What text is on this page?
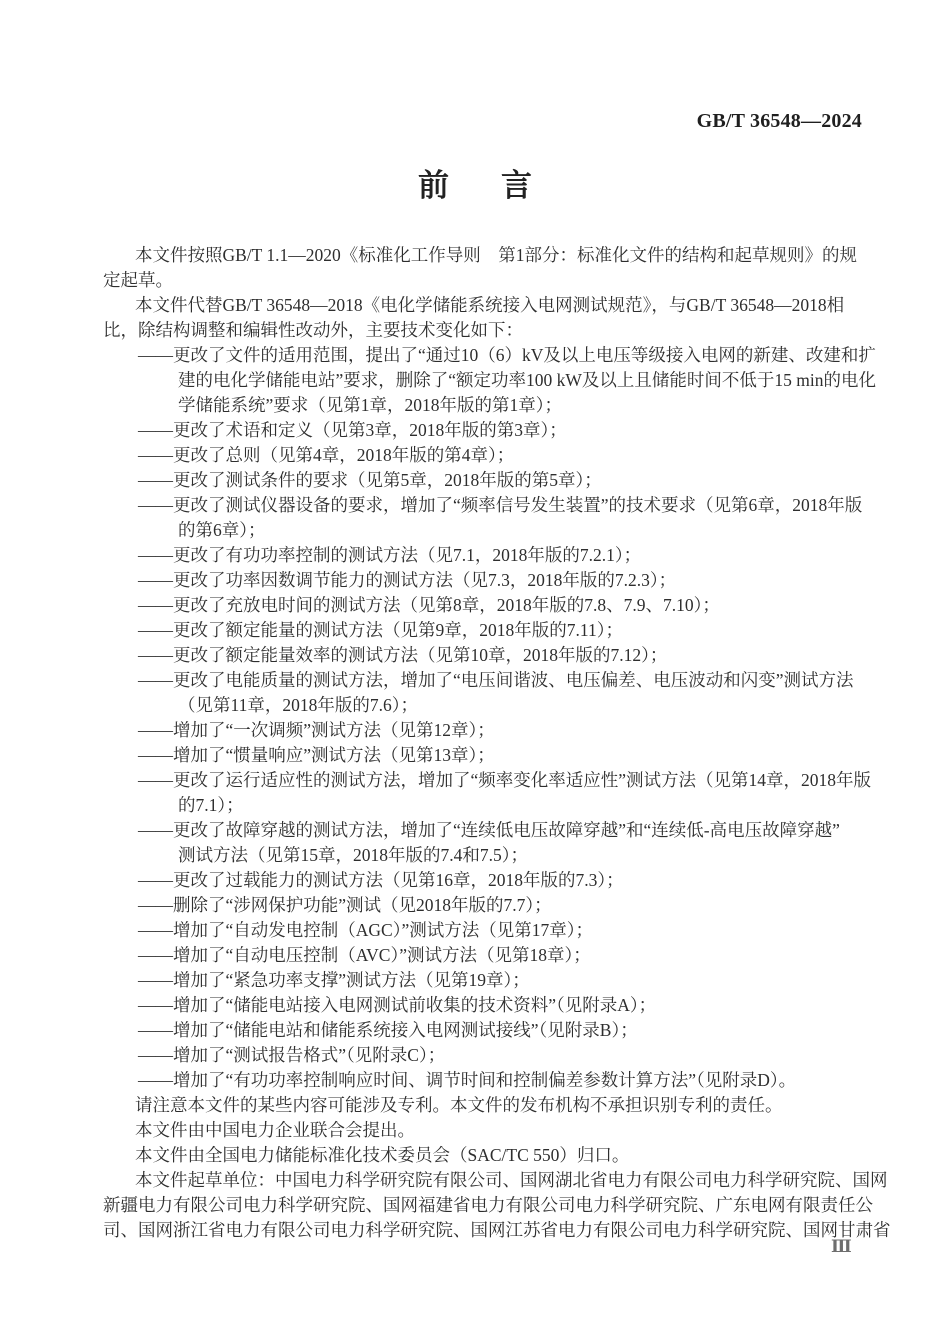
GB/T 36548—2024
前言
本文件按照GB/T 1.1—2020《标准化工作导则　第1部分：标准化文件的结构和起草规则》的规
定起草。
本文件代替GB/T 36548—2018《电化学储能系统接入电网测试规范》，与GB/T 36548—2018相
比，除结构调整和编辑性改动外，主要技术变化如下：
——更改了文件的适用范围，提出了“通过10（6）kV及以上电压等级接入电网的新建、改建和扩
建的电化学储能电站”要求，删除了“额定功率100 kW及以上且储能时间不低于15 min的电化
学储能系统”要求（见第1章，2018年版的第1章）；
——更改了术语和定义（见第3章，2018年版的第3章）；
——更改了总则（见第4章，2018年版的第4章）；
——更改了测试条件的要求（见第5章，2018年版的第5章）；
——更改了测试仪器设备的要求，增加了“频率信号发生装置”的技术要求（见第6章，2018年版
的第6章）；
——更改了有功功率控制的测试方法（见7.1，2018年版的7.2.1）；
——更改了功率因数调节能力的测试方法（见7.3，2018年版的7.2.3）；
——更改了充放电时间的测试方法（见第8章，2018年版的7.8、7.9、7.10）；
——更改了额定能量的测试方法（见第9章，2018年版的7.11）；
——更改了额定能量效率的测试方法（见第10章，2018年版的7.12）；
——更改了电能质量的测试方法，增加了“电压间谐波、电压偏差、电压波动和闪变”测试方法
（见第11章，2018年版的7.6）；
——增加了“一次调频”测试方法（见第12章）；
——增加了“惯量响应”测试方法（见第13章）；
——更改了运行适应性的测试方法，增加了“频率变化率适应性”测试方法（见第14章，2018年版
的7.1）；
——更改了故障穿越的测试方法，增加了“连续低电压故障穿越”和“连续低-高电压故障穿越”
测试方法（见第15章，2018年版的7.4和7.5）；
——更改了过载能力的测试方法（见第16章，2018年版的7.3）；
——删除了“涉网保护功能”测试（见2018年版的7.7）；
——增加了“自动发电控制（AGC）”测试方法（见第17章）；
——增加了“自动电压控制（AVC）”测试方法（见第18章）；
——增加了“紧急功率支撑”测试方法（见第19章）；
——增加了“储能电站接入电网测试前收集的技术资料”（见附录A）；
——增加了“储能电站和储能系统接入电网测试接线”（见附录B）；
——增加了“测试报告格式”（见附录C）；
——增加了“有功功率控制响应时间、调节时间和控制偏差参数计算方法”（见附录D）。
请注意本文件的某些内容可能涉及专利。本文件的发布机构不承担识别专利的责任。
本文件由中国电力企业联合会提出。
本文件由全国电力储能标准化技术委员会（SAC/TC 550）归口。
本文件起草单位：中国电力科学研究院有限公司、国网湖北省电力有限公司电力科学研究院、国网
新疆电力有限公司电力科学研究院、国网福建省电力有限公司电力科学研究院、广东电网有限责任公
司、国网浙江省电力有限公司电力科学研究院、国网江苏省电力有限公司电力科学研究院、国网甘肃省
Ⅲ
